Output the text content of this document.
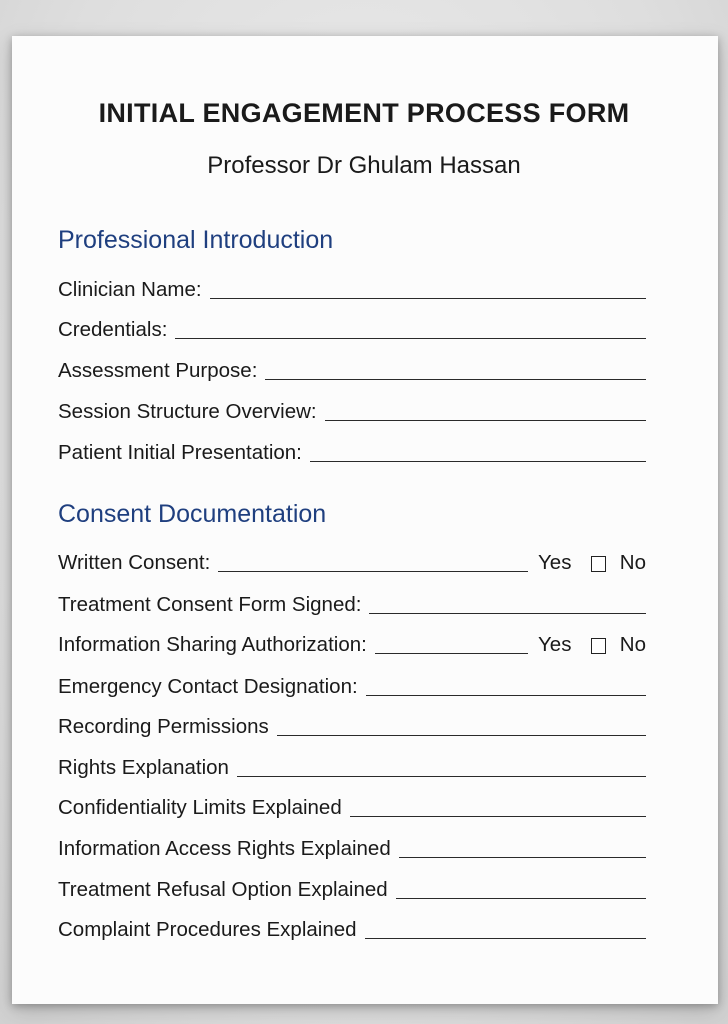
INITIAL ENGAGEMENT PROCESS FORM
Professor Dr Ghulam Hassan
Professional Introduction
Clinician Name:
Credentials:
Assessment Purpose:
Session Structure Overview:
Patient Initial Presentation:
Consent Documentation
Written Consent:	Yes No
Treatment Consent Form Signed:
Information Sharing Authorization:	Yes No
Emergency Contact Designation:
Recording Permissions
Rights Explanation
Confidentiality Limits Explained
Information Access Rights Explained
Treatment Refusal Option Explained
Complaint Procedures Explained
